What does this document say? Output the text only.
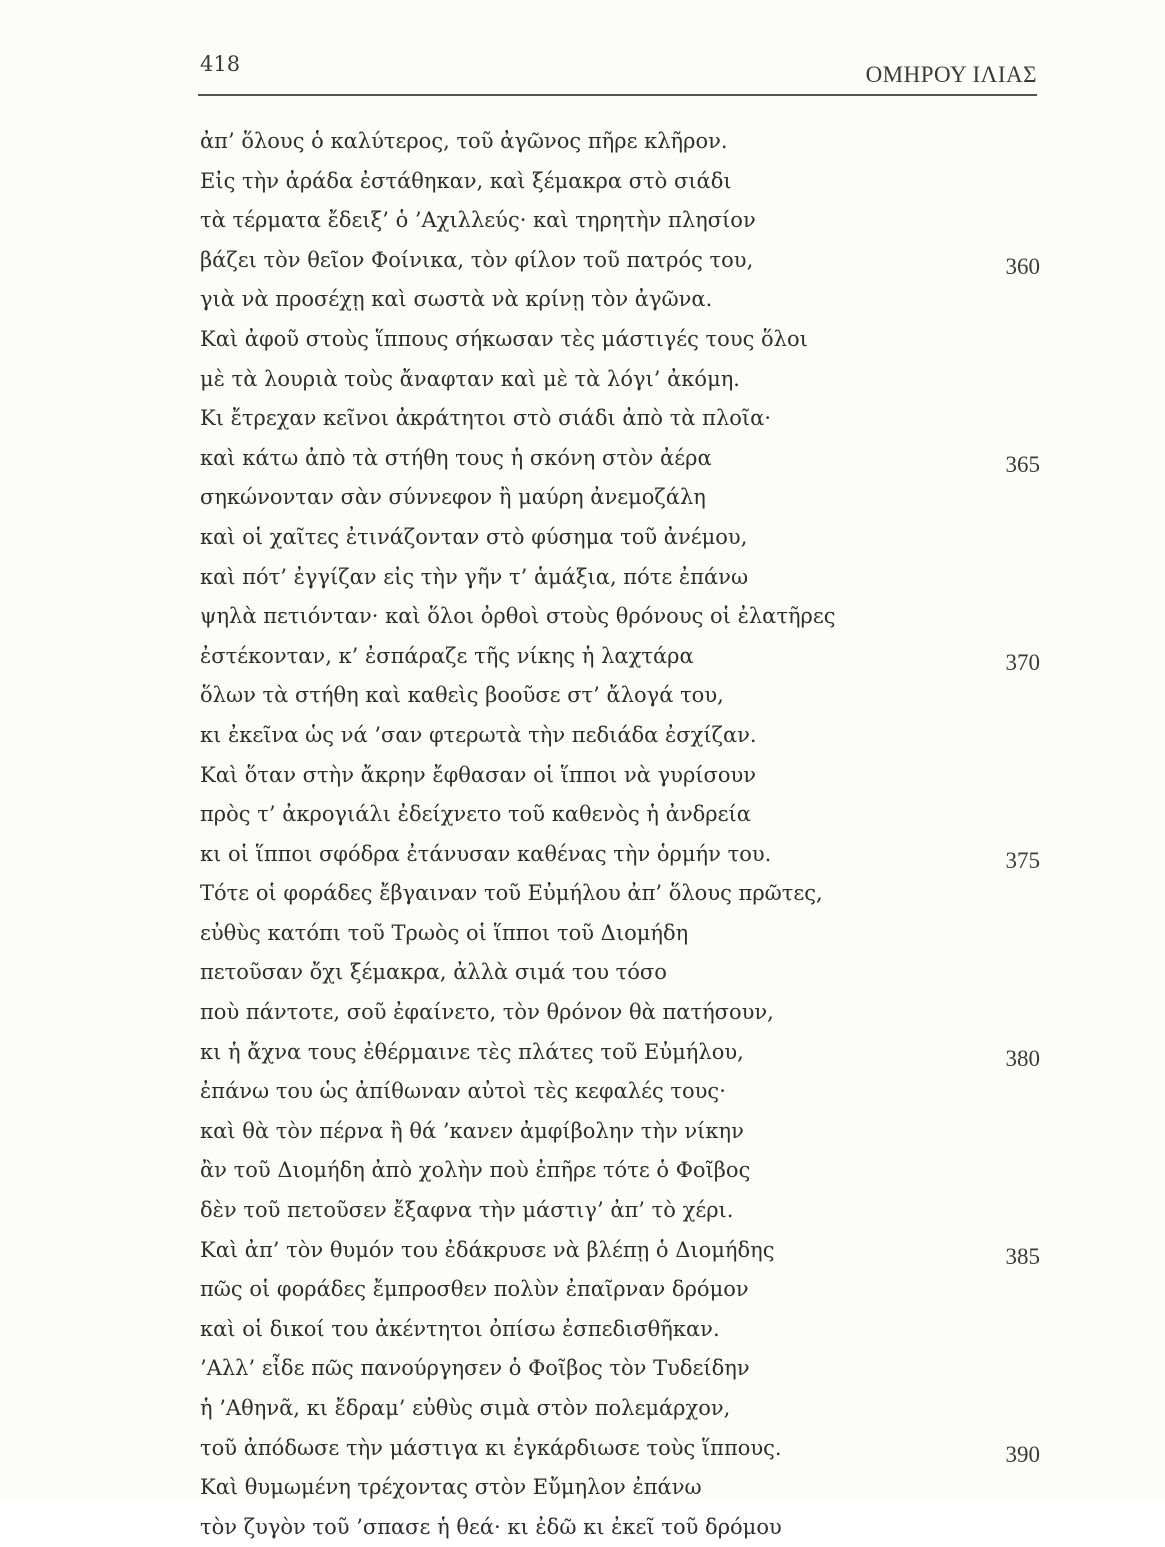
418	ΟΜΗΡΟΥ ΙΛΙΑΣ
ἀπ’ ὅλους ὁ καλύτερος, τοῦ ἀγῶνος πῆρε κλῆρον.
Εἰς τὴν ἀράδα ἐστάθηκαν, καὶ ξέμακρα στὸ σιάδι
τὰ τέρματα ἔδειξ’ ὁ ’Αχιλλεύς· καὶ τηρητὴν πλησίον
βάζει τὸν θεῖον Φοίνικα, τὸν φίλον τοῦ πατρός του,	360
γιὰ νὰ προσέχῃ καὶ σωστὰ νὰ κρίνῃ τὸν ἀγῶνα.
Καὶ ἀφοῦ στοὺς ἵππους σήκωσαν τὲς μάστιγές τους ὅλοι
μὲ τὰ λουριὰ τοὺς ἄναφταν καὶ μὲ τὰ λόγι’ ἀκόμη.
Κι ἔτρεχαν κεῖνοι ἀκράτητοι στὸ σιάδι ἀπὸ τὰ πλοῖα·
καὶ κάτω ἀπὸ τὰ στήθη τους ἡ σκόνη στὸν ἀέρα	365
σηκώνονταν σὰν σύννεφον ἢ μαύρη ἀνεμοζάλη
καὶ οἱ χαῖτες ἐτινάζονταν στὸ φύσημα τοῦ ἀνέμου,
καὶ πότ’ ἐγγίζαν εἰς τὴν γῆν τ’ ἁμάξια, πότε ἐπάνω
ψηλὰ πετιόνταν· καὶ ὅλοι ὀρθοὶ στοὺς θρόνους οἱ ἐλατῆρες
ἐστέκονταν, κ’ ἐσπάραζε τῆς νίκης ἡ λαχτάρα	370
ὅλων τὰ στήθη καὶ καθεὶς βοοῦσε στ’ ἄλογά του,
κι ἐκεῖνα ὡς νά ’σαν φτερωτὰ τὴν πεδιάδα ἐσχίζαν.
Καὶ ὅταν στὴν ἄκρην ἔφθασαν οἱ ἵπποι νὰ γυρίσουν
πρὸς τ’ ἀκρογιάλι ἐδείχνετο τοῦ καθενὸς ἡ ἀνδρεία
κι οἱ ἵπποι σφόδρα ἐτάνυσαν καθένας τὴν ὁρμήν του.	375
Τότε οἱ φοράδες ἔβγαιναν τοῦ Εὐμήλου ἀπ’ ὅλους πρῶτες,
εὐθὺς κατόπι τοῦ Τρωὸς οἱ ἵπποι τοῦ Διομήδη
πετοῦσαν ὄχι ξέμακρα, ἀλλὰ σιμά του τόσο
ποὺ πάντοτε, σοῦ ἐφαίνετο, τὸν θρόνον θὰ πατήσουν,
κι ἡ ἄχνα τους ἐθέρμαινε τὲς πλάτες τοῦ Εὐμήλου,	380
ἐπάνω του ὡς ἀπίθωναν αὐτοὶ τὲς κεφαλές τους·
καὶ θὰ τὸν πέρνα ἢ θά ’κανεν ἀμφίβολην τὴν νίκην
ἂν τοῦ Διομήδη ἀπὸ χολὴν ποὺ ἐπῆρε τότε ὁ Φοῖβος
δὲν τοῦ πετοῦσεν ἔξαφνα τὴν μάστιγ’ ἀπ’ τὸ χέρι.
Καὶ ἀπ’ τὸν θυμόν του ἐδάκρυσε νὰ βλέπῃ ὁ Διομήδης	385
πῶς οἱ φοράδες ἔμπροσθεν πολὺν ἐπαῖρναν δρόμον
καὶ οἱ δικοί του ἀκέντητοι ὀπίσω ἐσπεδισθῆκαν.
’Αλλ’ εἶδε πῶς πανούργησεν ὁ Φοῖβος τὸν Τυδείδην
ἡ ’Αθηνᾶ, κι ἔδραμ’ εὐθὺς σιμὰ στὸν πολεμάρχον,
τοῦ ἀπόδωσε τὴν μάστιγα κι ἐγκάρδιωσε τοὺς ἵππους.	390
Καὶ θυμωμένη τρέχοντας στὸν Εὔμηλον ἐπάνω
τὸν ζυγὸν τοῦ ’σπασε ἡ θεά· κι ἐδῶ κι ἐκεῖ τοῦ δρόμου
